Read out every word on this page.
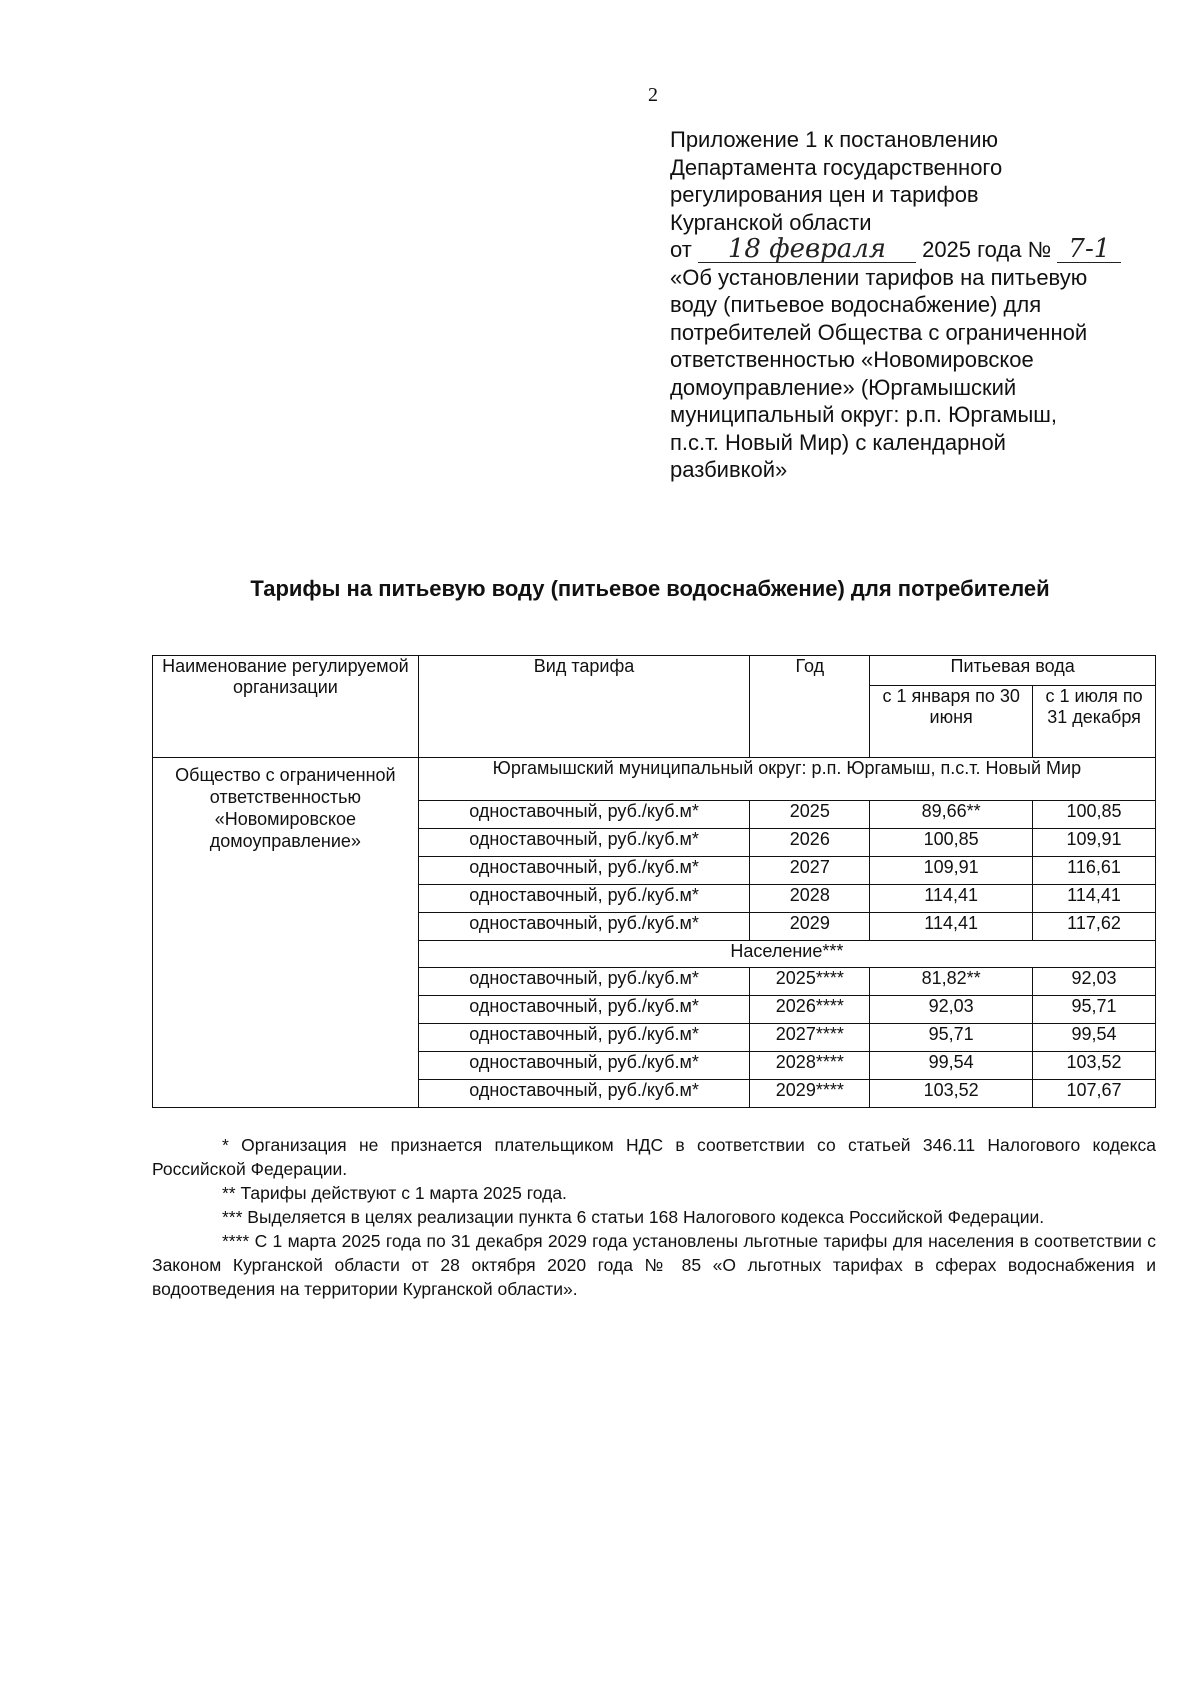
2
Приложение 1 к постановлению
Департамента государственного
регулирования цен и тарифов
Курганской области
от 18 февраля 2025 года № 7-1
«Об установлении тарифов на питьевую
воду (питьевое водоснабжение) для
потребителей Общества с ограниченной
ответственностью «Новомировское
домоуправление» (Юргамышский
муниципальный округ: р.п. Юргамыш,
п.с.т. Новый Мир) с календарной
разбивкой»
Тарифы на питьевую воду (питьевое водоснабжение) для потребителей
Наименование регулируемой организации	Вид тарифа	Год	Питьевая вода	
			с 1 января по 30 июня	с 1 июля по 31 декабря
Общество с ограниченной ответственностью «Новомировское домоуправление»	Юргамышский муниципальный округ: р.п. Юргамыш, п.с.т. Новый Мир			
	одноставочный, руб./куб.м*	2025	89,66**	100,85
	одноставочный, руб./куб.м*	2026	100,85	109,91
	одноставочный, руб./куб.м*	2027	109,91	116,61
	одноставочный, руб./куб.м*	2028	114,41	114,41
	одноставочный, руб./куб.м*	2029	114,41	117,62
	Население***			
	одноставочный, руб./куб.м*	2025****	81,82**	92,03
	одноставочный, руб./куб.м*	2026****	92,03	95,71
	одноставочный, руб./куб.м*	2027****	95,71	99,54
	одноставочный, руб./куб.м*	2028****	99,54	103,52
	одноставочный, руб./куб.м*	2029****	103,52	107,67

* Организация не признается плательщиком НДС в соответствии со статьей 346.11 Налогового кодекса Российской Федерации.

** Тарифы действуют с 1 марта 2025 года.

*** Выделяется в целях реализации пункта 6 статьи 168 Налогового кодекса Российской Федерации.

**** С 1 марта 2025 года по 31 декабря 2029 года установлены льготные тарифы для населения в соответствии с Законом Курганской области от 28 октября 2020 года № 85 «О льготных тарифах в сферах водоснабжения и водоотведения на территории Курганской области».
